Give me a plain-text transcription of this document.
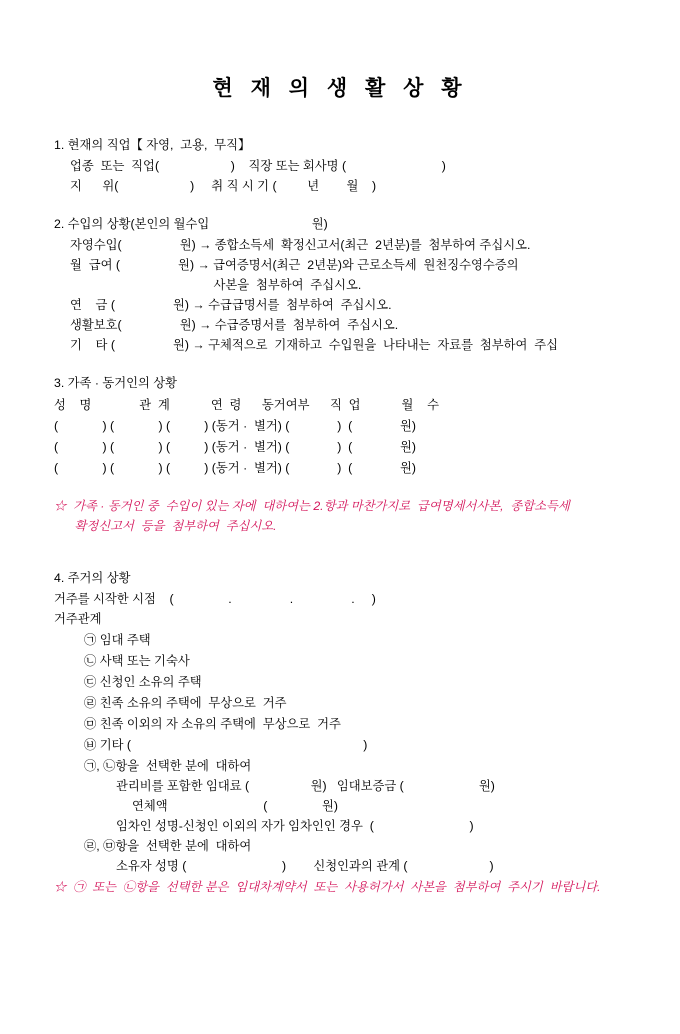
현 재 의 생 활 상 황
1. 현재의 직업【 자영,  고용,  무직】
업종  또는  직업(                     )    직장 또는 회사명 (                            )
지      위(                     )     취 직 시 기 (         년        월    )
2. 수입의 상황(본인의 월수입                              원)
자영수입(                 원) → 종합소득세  확정신고서(최근  2년분)를  첨부하여 주십시오.
월  급여 (                 원) → 급여증명서(최근  2년분)와 근로소득세  원천징수영수증의
사본을  첨부하여  주십시오.
연    금 (                 원) → 수급급명서를  첨부하여  주십시오.
생활보호(                 원) → 수급증명서를  첨부하여  주십시오.
기    타 (                 원) → 구체적으로  기재하고  수입원을  나타내는  자료를  첨부하여  주십
3. 가족 · 동거인의 상황
성    명              관  계            연  령      동거여부      직  업            월    수
(             ) (             ) (          ) (동거 ·  별거) (              )  (              원)
(             ) (             ) (          ) (동거 ·  별거) (              )  (              원)
(             ) (             ) (          ) (동거 ·  별거) (              )  (              원)
☆  가족 · 동거인 중  수입이 있는 자에  대하여는 2.항과 마찬가지로  급여명세서사본,  종합소득세
확정신고서  등을  첨부하여  주십시오.
4. 주거의 상황
거주를 시작한 시점    (                .                 .                 .     )
거주관계
㉠ 임대 주택
㉡ 사택 또는 기숙사
㉢ 신청인 소유의 주택
㉣ 친족 소유의 주택에  무상으로  거주
㉤ 친족 이외의 자 소유의 주택에  무상으로  거주
㉥ 기타 (                                                                    )
㉠, ㉡항을  선택한 분에  대하여
관리비를 포함한 임대료 (                  원)   임대보증금 (                      원)
연체액                            (                원)
임차인 성명-신청인 이외의 자가 임차인인 경우  (                            )
㉣, ㉤항을  선택한 분에  대하여
소유자 성명 (                            )        신청인과의 관계 (                        )
☆  ㉠  또는  ㉡항을  선택한 분은  임대차계약서  또는  사용허가서  사본을  첨부하여  주시기  바랍니다.
